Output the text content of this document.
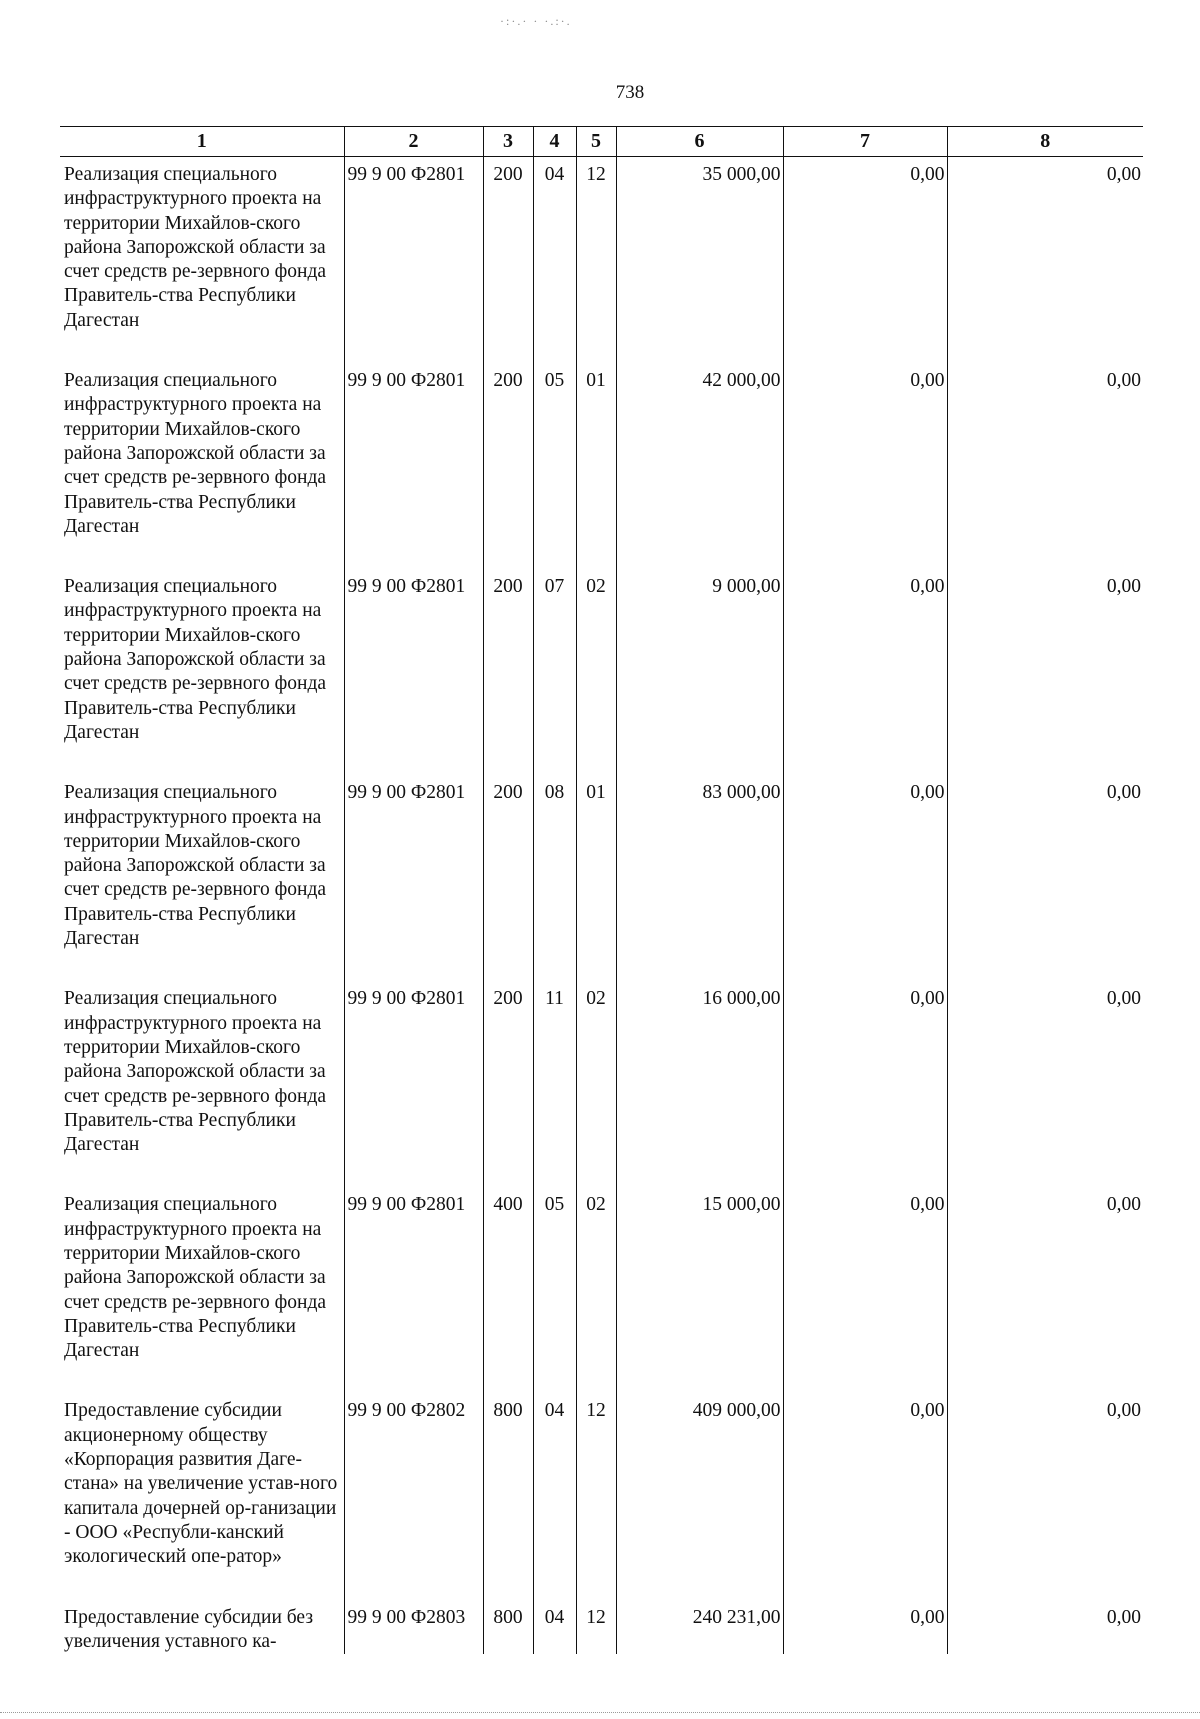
·:·.· · ·.:·.
738
1	2	3	4	5	6	7	8
Реализация специального инфраструктурного проекта на территории Михайлов-ского района Запорожской области за счет средств ре-зервного фонда Правитель-ства Республики Дагестан	99 9 00 Ф2801	200	04	12	35 000,00	0,00	0,00
Реализация специального инфраструктурного проекта на территории Михайлов-ского района Запорожской области за счет средств ре-зервного фонда Правитель-ства Республики Дагестан	99 9 00 Ф2801	200	05	01	42 000,00	0,00	0,00
Реализация специального инфраструктурного проекта на территории Михайлов-ского района Запорожской области за счет средств ре-зервного фонда Правитель-ства Республики Дагестан	99 9 00 Ф2801	200	07	02	9 000,00	0,00	0,00
Реализация специального инфраструктурного проекта на территории Михайлов-ского района Запорожской области за счет средств ре-зервного фонда Правитель-ства Республики Дагестан	99 9 00 Ф2801	200	08	01	83 000,00	0,00	0,00
Реализация специального инфраструктурного проекта на территории Михайлов-ского района Запорожской области за счет средств ре-зервного фонда Правитель-ства Республики Дагестан	99 9 00 Ф2801	200	11	02	16 000,00	0,00	0,00
Реализация специального инфраструктурного проекта на территории Михайлов-ского района Запорожской области за счет средств ре-зервного фонда Правитель-ства Республики Дагестан	99 9 00 Ф2801	400	05	02	15 000,00	0,00	0,00
Предоставление субсидии акционерному обществу «Корпорация развития Даге-стана» на увеличение устав-ного капитала дочерней ор-ганизации - ООО «Республи-канский экологический опе-ратор»	99 9 00 Ф2802	800	04	12	409 000,00	0,00	0,00
Предоставление субсидии без увеличения уставного ка-	99 9 00 Ф2803	800	04	12	240 231,00	0,00	0,00
